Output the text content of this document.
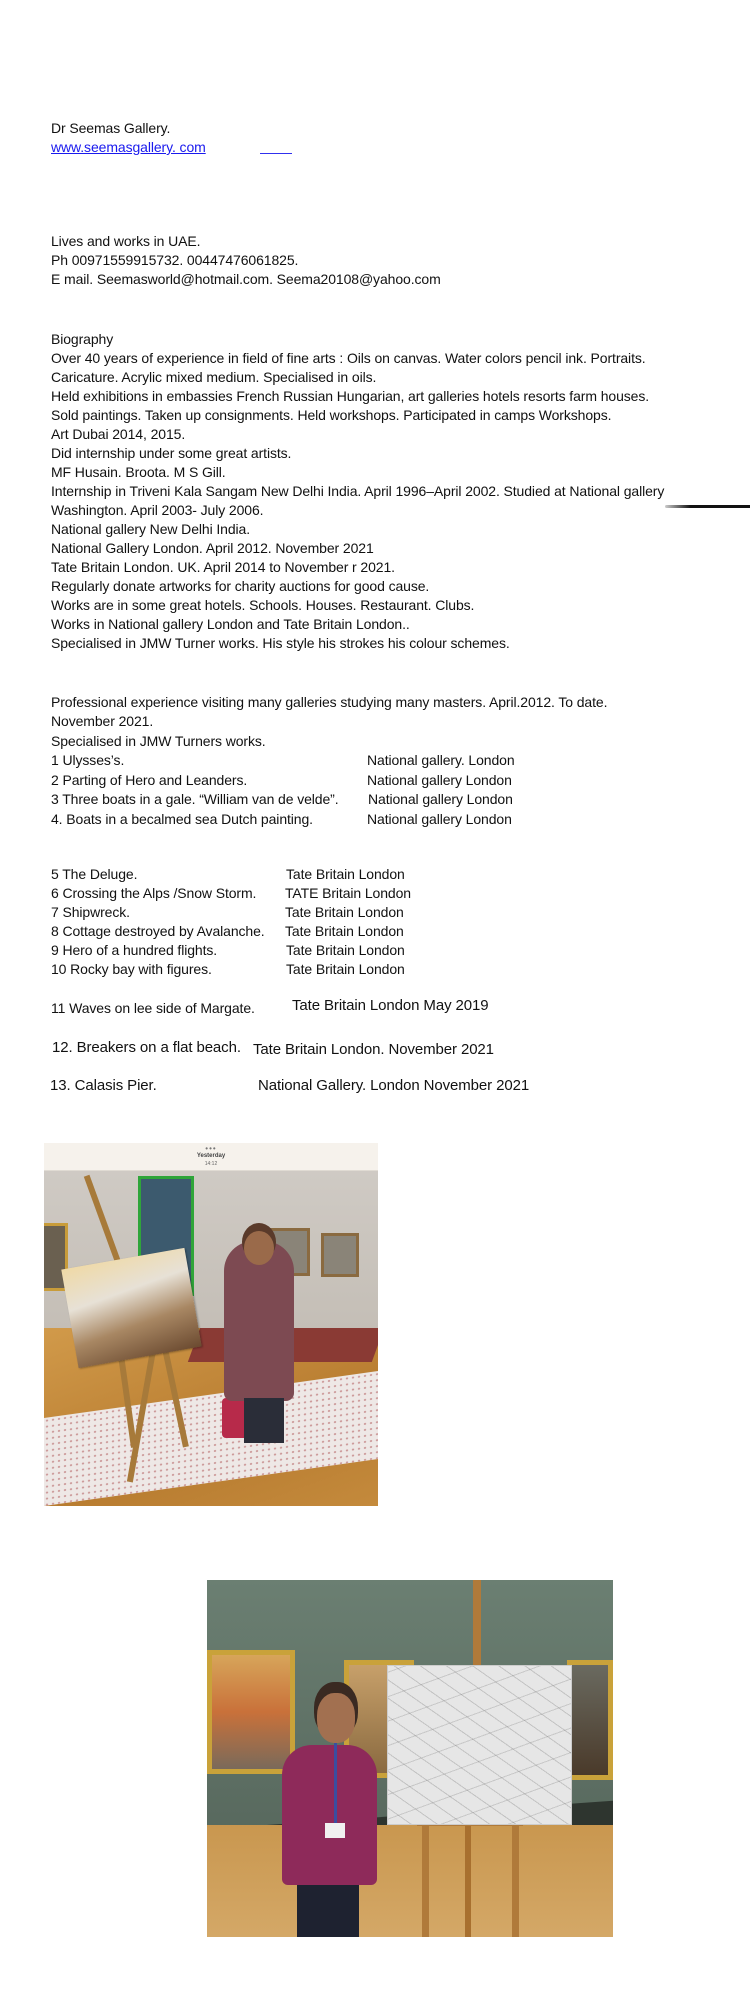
Dr Seemas Gallery.
www.seemasgallery. com
Lives and works in UAE.
Ph 00971559915732. 00447476061825.
E mail. Seemasworld@hotmail.com. Seema20108@yahoo.com
Biography
Over 40 years of experience in field of fine arts : Oils on canvas. Water colors pencil ink. Portraits.
Caricature. Acrylic mixed medium. Specialised in oils.
Held exhibitions in embassies French Russian Hungarian, art galleries hotels resorts farm houses.
Sold paintings. Taken up consignments. Held workshops. Participated in camps Workshops.
Art Dubai 2014, 2015.
Did internship under some great artists.
MF Husain. Broota. M S Gill.
Internship in Triveni Kala Sangam New Delhi India. April 1996–April 2002. Studied at National gallery
Washington. April 2003- July 2006.
National gallery New Delhi India.
National Gallery London. April 2012. November 2021
Tate Britain London. UK. April 2014 to November r 2021.
Regularly donate artworks for charity auctions for good cause.
Works are in some great hotels. Schools. Houses. Restaurant. Clubs.
Works in National gallery London and Tate Britain London..
Specialised in JMW Turner works. His style his strokes his colour schemes.
Professional experience visiting many galleries studying many masters. April.2012. To date.
November 2021.
Specialised in JMW Turners works.
1 Ulysses’s.	National gallery. London
2 Parting of Hero and Leanders.	National gallery London
3 Three boats in a gale. “William van de velde”. National gallery London
4. Boats in a becalmed sea Dutch painting.	National gallery London
5 The Deluge.	Tate Britain London
6 Crossing the Alps /Snow Storm. TATE Britain London
7 Shipwreck.	Tate Britain London
8 Cottage destroyed by Avalanche. Tate Britain London
9 Hero of a hundred flights.	Tate Britain London
10 Rocky bay with figures.	Tate Britain London
11 Waves on lee side of Margate. Tate Britain London May 2019
12. Breakers on a flat beach. Tate Britain London. November 2021
13. Calasis Pier.	National Gallery. London November 2021
•••
Yesterday
14:12
